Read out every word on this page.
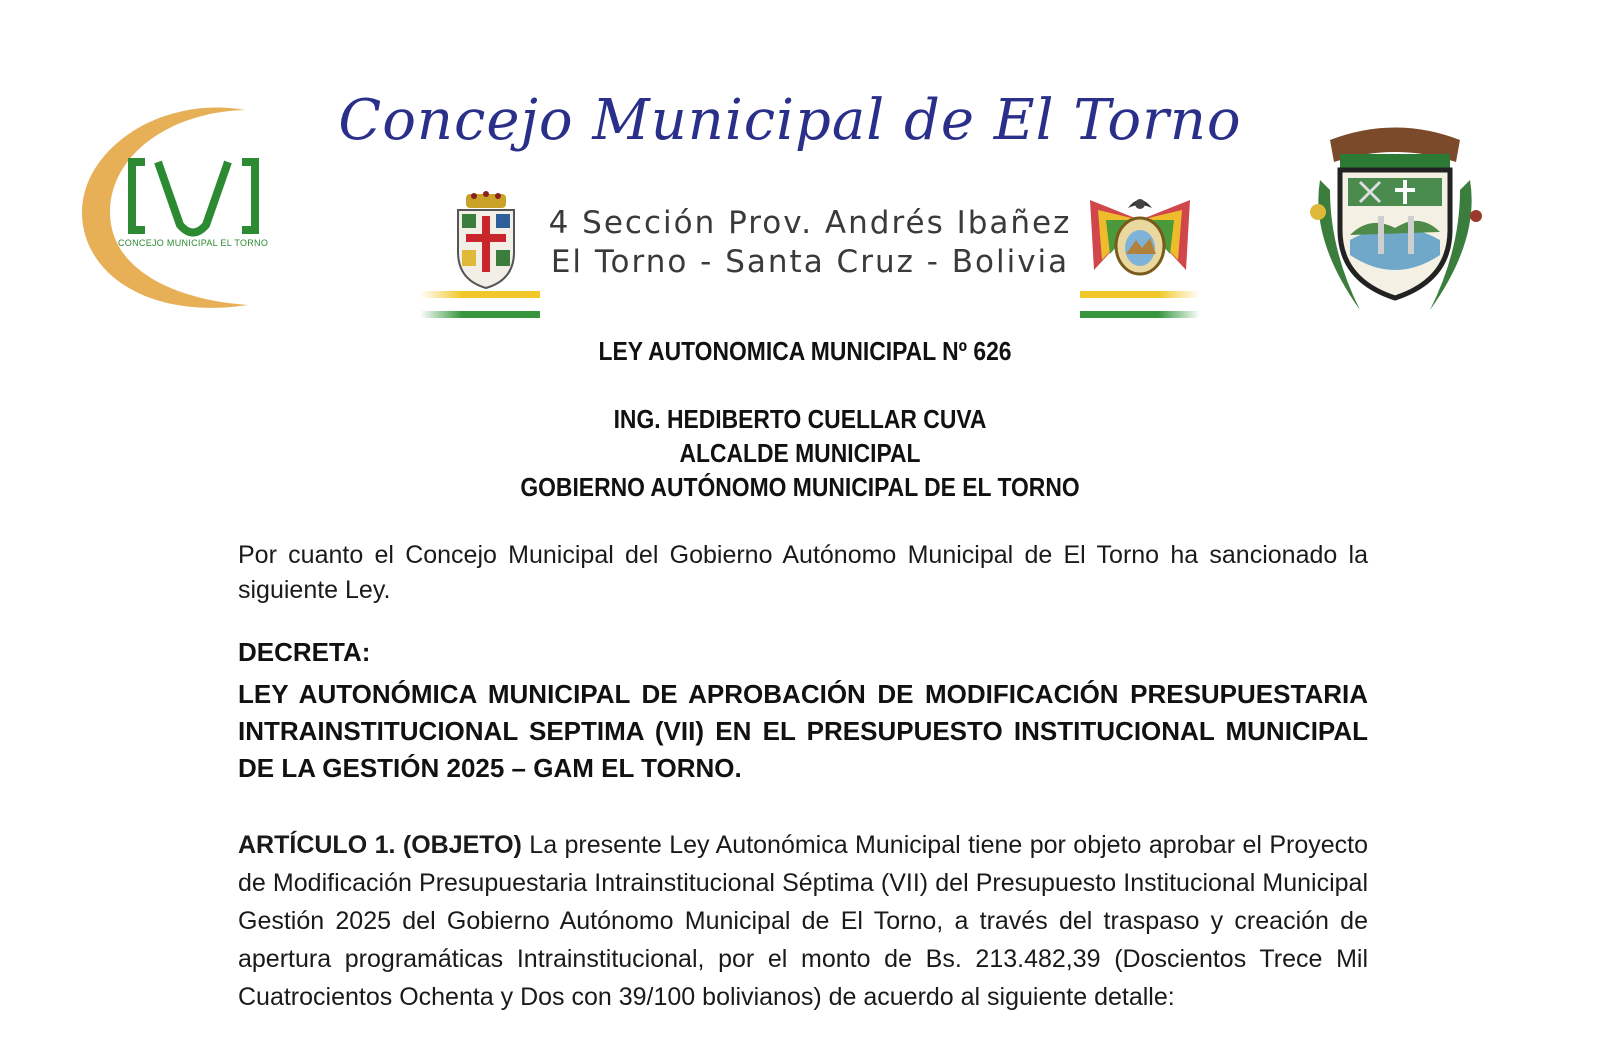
CONCEJO MUNICIPAL EL TORNO
Concejo Municipal de El Torno
4 Sección Prov. Andrés Ibañez
El Torno - Santa Cruz - Bolivia
LEY AUTONOMICA MUNICIPAL Nº 626
ING. HEDIBERTO CUELLAR CUVA
ALCALDE MUNICIPAL
GOBIERNO AUTÓNOMO MUNICIPAL DE EL TORNO
Por cuanto el Concejo Municipal del Gobierno Autónomo Municipal de El Torno ha sancionado la siguiente Ley.
DECRETA:
LEY AUTONÓMICA MUNICIPAL DE APROBACIÓN DE MODIFICACIÓN PRESUPUESTARIA INTRAINSTITUCIONAL SEPTIMA (VII) EN EL PRESUPUESTO INSTITUCIONAL MUNICIPAL DE LA GESTIÓN 2025 – GAM EL TORNO.
ARTÍCULO 1. (OBJETO) La presente Ley Autonómica Municipal tiene por objeto aprobar el Proyecto de Modificación Presupuestaria Intrainstitucional Séptima (VII) del Presupuesto Institucional Municipal Gestión 2025 del Gobierno Autónomo Municipal de El Torno, a través del traspaso y creación de apertura programáticas Intrainstitucional, por el monto de Bs. 213.482,39 (Doscientos Trece Mil Cuatrocientos Ochenta y Dos con 39/100 bolivianos) de acuerdo al siguiente detalle:
